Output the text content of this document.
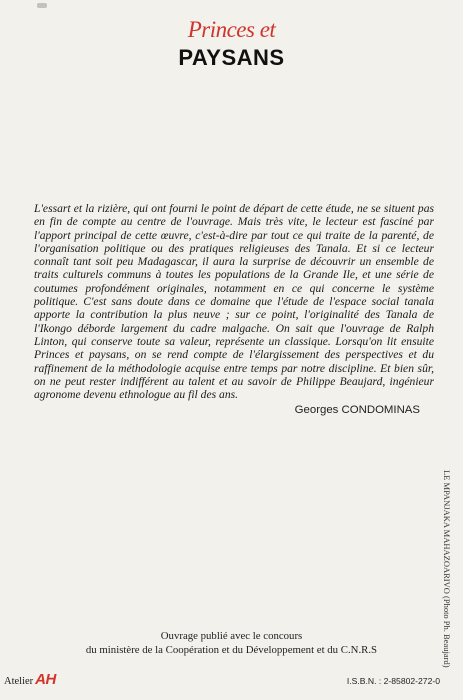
Princes et
PAYSANS

L'essart et la rizière, qui ont fourni le point de départ de cette étude, ne se situent pas en fin de compte au centre de l'ouvrage. Mais très vite, le lecteur est fasciné par l'apport principal de cette œuvre, c'est-à-dire par tout ce qui traite de la parenté, de l'organisation politique ou des pratiques religieuses des Tanala. Et si ce lecteur connaît tant soit peu Madagascar, il aura la surprise de découvrir un ensemble de traits culturels communs à toutes les populations de la Grande Ile, et une série de coutumes profondément originales, notamment en ce qui concerne le système politique. C'est sans doute dans ce domaine que l'étude de l'espace social tanala apporte la contribution la plus neuve ; sur ce point, l'originalité des Tanala de l'Ikongo déborde largement du cadre malgache. On sait que l'ouvrage de Ralph Linton, qui conserve toute sa valeur, représente un classique. Lorsqu'on lit ensuite Princes et paysans, on se rend compte de l'élargissement des perspectives et du raffinement de la méthodologie acquise entre temps par notre discipline. Et bien sûr, on ne peut rester indifférent au talent et au savoir de Philippe Beaujard, ingénieur agronome devenu ethnologue au fil des ans.

Georges CONDOMINAS
LE MPANJAKA MAHAZOARIVO (Photo Ph. Beaujard)
Ouvrage publié avec le concours
du ministère de la Coopération et du Développement et du C.N.R.S
Atelier AH	I.S.B.N. : 2-85802-272-0
